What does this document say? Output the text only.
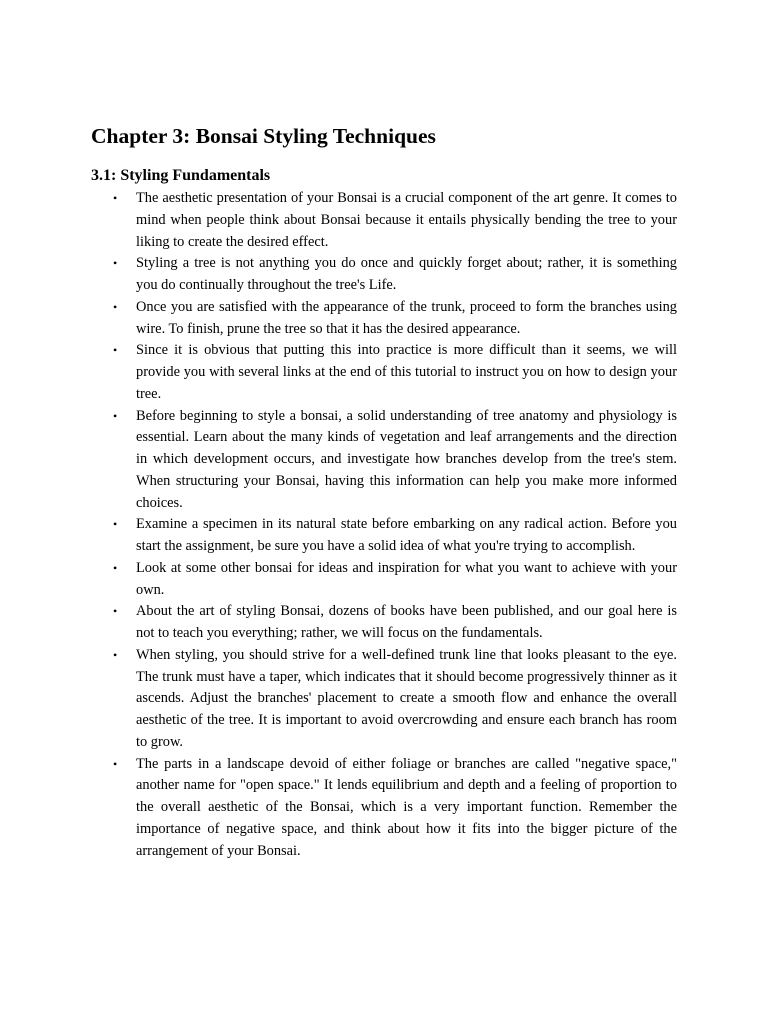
Chapter 3: Bonsai Styling Techniques
3.1: Styling Fundamentals
• The aesthetic presentation of your Bonsai is a crucial component of the art genre. It comes to mind when people think about Bonsai because it entails physically bending the tree to your liking to create the desired effect.
• Styling a tree is not anything you do once and quickly forget about; rather, it is something you do continually throughout the tree's Life.
• Once you are satisfied with the appearance of the trunk, proceed to form the branches using wire. To finish, prune the tree so that it has the desired appearance.
• Since it is obvious that putting this into practice is more difficult than it seems, we will provide you with several links at the end of this tutorial to instruct you on how to design your tree.
• Before beginning to style a bonsai, a solid understanding of tree anatomy and physiology is essential. Learn about the many kinds of vegetation and leaf arrangements and the direction in which development occurs, and investigate how branches develop from the tree's stem. When structuring your Bonsai, having this information can help you make more informed choices.
• Examine a specimen in its natural state before embarking on any radical action. Before you start the assignment, be sure you have a solid idea of what you're trying to accomplish.
• Look at some other bonsai for ideas and inspiration for what you want to achieve with your own.
• About the art of styling Bonsai, dozens of books have been published, and our goal here is not to teach you everything; rather, we will focus on the fundamentals.
• When styling, you should strive for a well-defined trunk line that looks pleasant to the eye. The trunk must have a taper, which indicates that it should become progressively thinner as it ascends. Adjust the branches' placement to create a smooth flow and enhance the overall aesthetic of the tree. It is important to avoid overcrowding and ensure each branch has room to grow.
• The parts in a landscape devoid of either foliage or branches are called "negative space," another name for "open space." It lends equilibrium and depth and a feeling of proportion to the overall aesthetic of the Bonsai, which is a very important function. Remember the importance of negative space, and think about how it fits into the bigger picture of the arrangement of your Bonsai.
